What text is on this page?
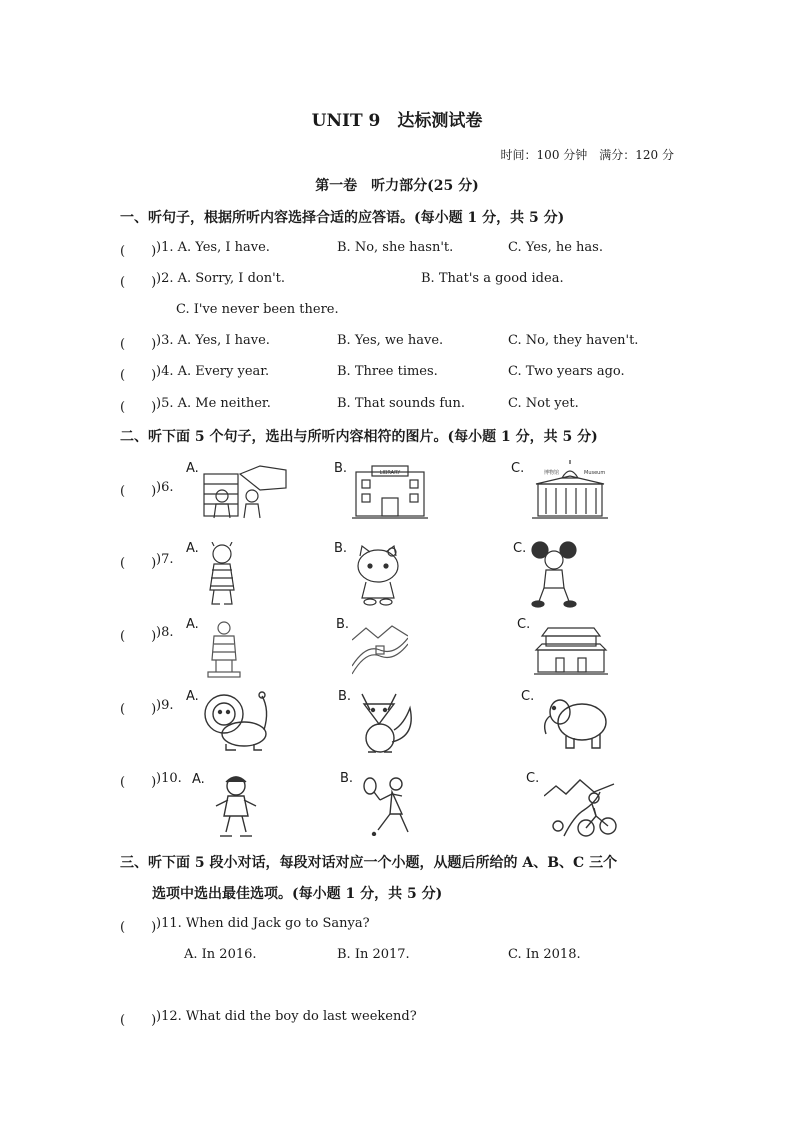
UNIT 9　达标测试卷
时间：100 分钟　满分：120 分
第一卷　听力部分(25 分)
一、听句子，根据所听内容选择合适的应答语。(每小题 1 分，共 5 分)
(　　) )1. A. Yes, I have.	B. No, she hasn't.	C. Yes, he has.
(　　) )2. A. Sorry, I don't.	B. That's a good idea.
C. I've never been there.
(　　) )3. A. Yes, I have.	B. Yes, we have.	C. No, they haven't.
(　　) )4. A. Every year.	B. Three times.	C. Two years ago.
(　　) )5. A. Me neither.	B. That sounds fun.	C. Not yet.
二、听下面 5 个句子，选出与所听内容相符的图片。(每小题 1 分，共 5 分)
(　　) )6.
A.	B.	C.
LIBRARY	博物馆	Museum
(　　) )7.
A.	B.	C.
(　　) )8.
A.	B.	C.
(　　) )9.
A.	B.	C.
(　　) )10. A.	B.	C.
三、听下面 5 段小对话，每段对话对应一个小题，从题后所给的 A、B、C 三个
选项中选出最佳选项。(每小题 1 分，共 5 分)
(　　) )11. When did Jack go to Sanya?
A. In 2016.	B. In 2017.	C. In 2018.
(　　) )12. What did the boy do last weekend?
